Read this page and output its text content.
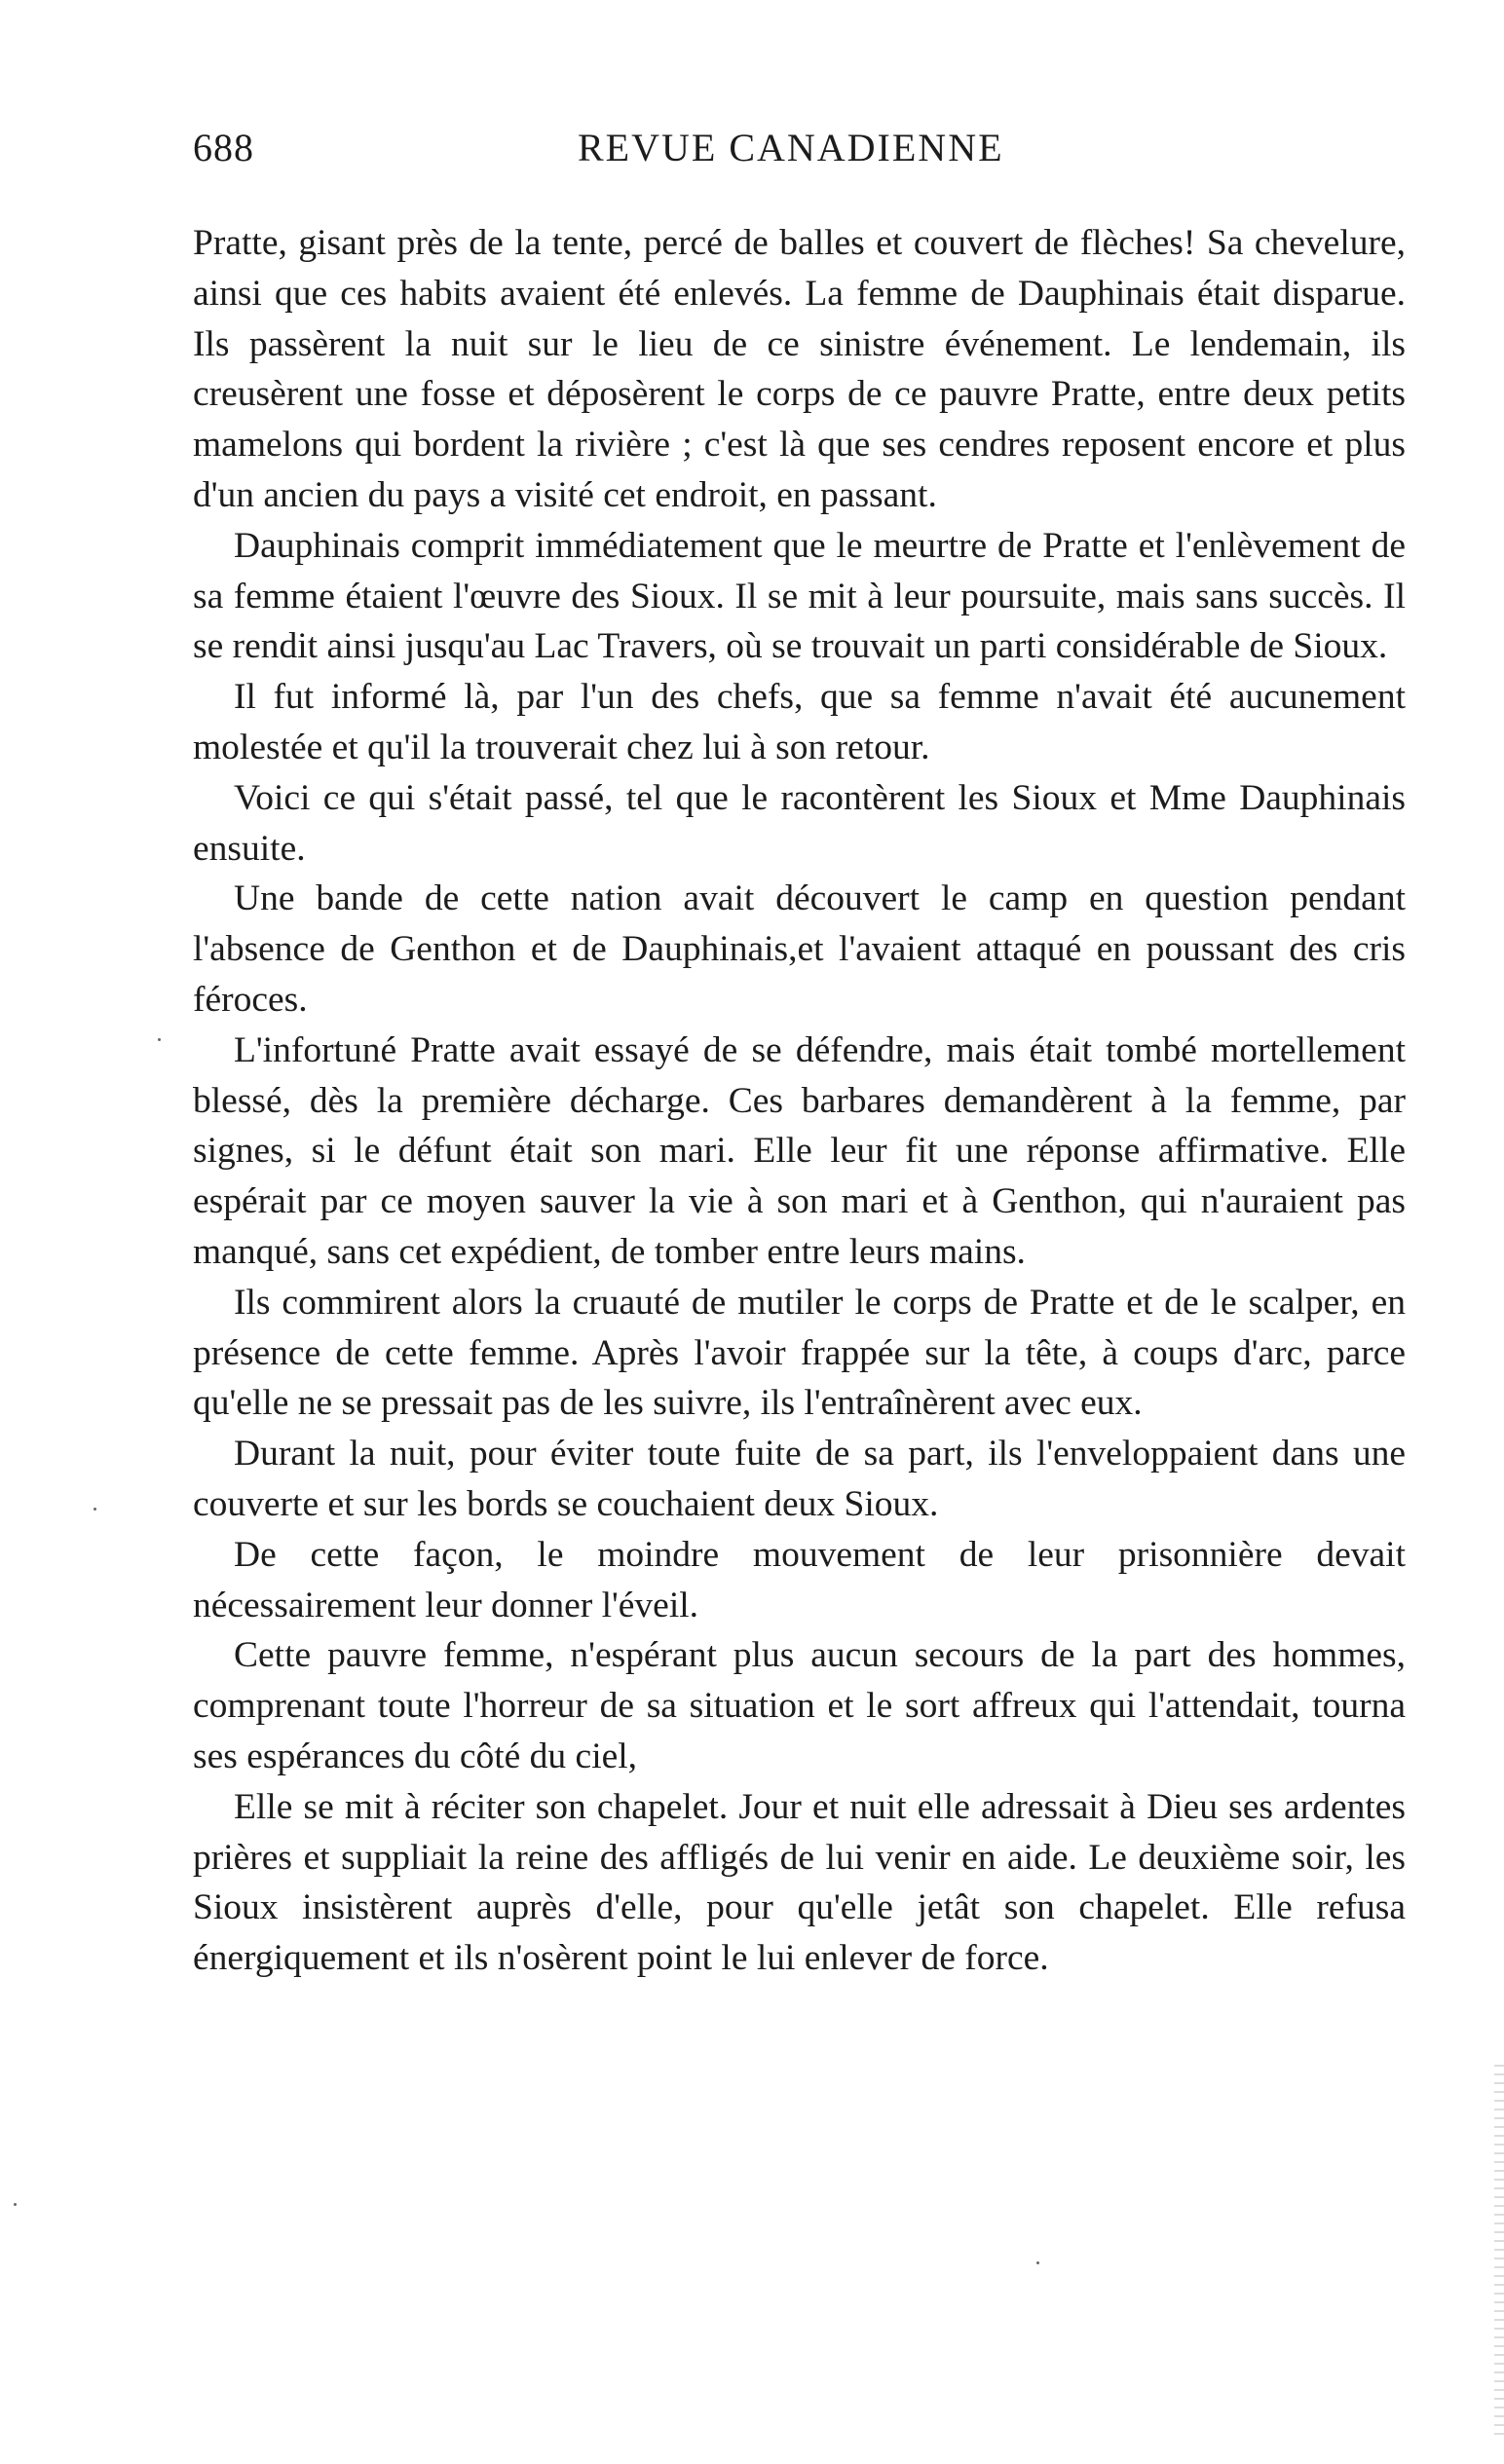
688	REVUE CANADIENNE

Pratte, gisant près de la tente, percé de balles et couvert de flèches! Sa chevelure, ainsi que ces habits avaient été enlevés. La femme de Dauphinais était disparue. Ils passèrent la nuit sur le lieu de ce sinistre événement. Le lendemain, ils creusèrent une fosse et déposèrent le corps de ce pauvre Pratte, entre deux petits mamelons qui bordent la rivière ; c'est là que ses cendres reposent encore et plus d'un ancien du pays a visité cet endroit, en passant.

Dauphinais comprit immédiatement que le meurtre de Pratte et l'enlèvement de sa femme étaient l'œuvre des Sioux. Il se mit à leur poursuite, mais sans succès. Il se rendit ainsi jusqu'au Lac Travers, où se trouvait un parti considérable de Sioux.

Il fut informé là, par l'un des chefs, que sa femme n'avait été aucunement molestée et qu'il la trouverait chez lui à son retour.

Voici ce qui s'était passé, tel que le racontèrent les Sioux et Mme Dauphinais ensuite.

Une bande de cette nation avait découvert le camp en question pendant l'absence de Genthon et de Dauphinais,et l'avaient attaqué en poussant des cris féroces.

L'infortuné Pratte avait essayé de se défendre, mais était tombé mortellement blessé, dès la première décharge. Ces barbares demandèrent à la femme, par signes, si le défunt était son mari. Elle leur fit une réponse affirmative. Elle espérait par ce moyen sauver la vie à son mari et à Genthon, qui n'auraient pas manqué, sans cet expédient, de tomber entre leurs mains.

Ils commirent alors la cruauté de mutiler le corps de Pratte et de le scalper, en présence de cette femme. Après l'avoir frappée sur la tête, à coups d'arc, parce qu'elle ne se pressait pas de les suivre, ils l'entraînèrent avec eux.

Durant la nuit, pour éviter toute fuite de sa part, ils l'enveloppaient dans une couverte et sur les bords se couchaient deux Sioux.

De cette façon, le moindre mouvement de leur prisonnière devait nécessairement leur donner l'éveil.

Cette pauvre femme, n'espérant plus aucun secours de la part des hommes, comprenant toute l'horreur de sa situation et le sort affreux qui l'attendait, tourna ses espérances du côté du ciel,

Elle se mit à réciter son chapelet. Jour et nuit elle adressait à Dieu ses ardentes prières et suppliait la reine des affligés de lui venir en aide. Le deuxième soir, les Sioux insistèrent auprès d'elle, pour qu'elle jetât son chapelet. Elle refusa énergiquement et ils n'osèrent point le lui enlever de force.
